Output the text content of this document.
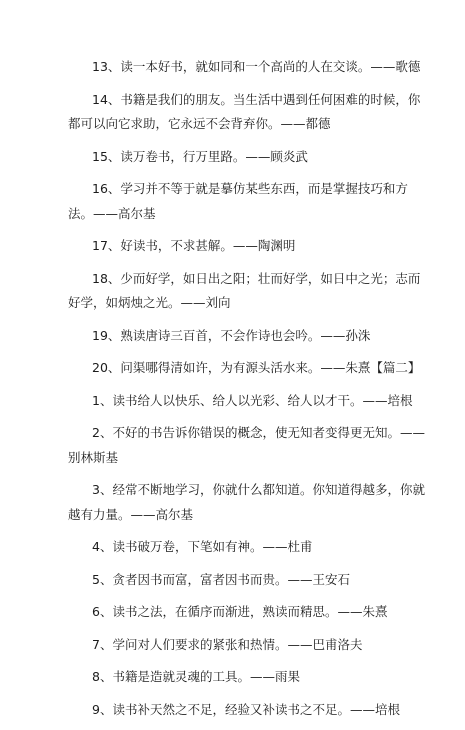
13、读一本好书，就如同和一个高尚的人在交谈。——歌德

14、书籍是我们的朋友。当生活中遇到任何困难的时候，你都可以向它求助，它永远不会背弃你。——都德

15、读万卷书，行万里路。——顾炎武

16、学习并不等于就是摹仿某些东西，而是掌握技巧和方法。——高尔基

17、好读书，不求甚解。——陶渊明

18、少而好学，如日出之阳；壮而好学，如日中之光；志而好学，如炳烛之光。——刘向

19、熟读唐诗三百首，不会作诗也会吟。——孙洙

20、问渠哪得清如许，为有源头活水来。——朱熹【篇二】

1、读书给人以快乐、给人以光彩、给人以才干。——培根

2、不好的书告诉你错误的概念，使无知者变得更无知。——别林斯基

3、经常不断地学习，你就什么都知道。你知道得越多，你就越有力量。——高尔基

4、读书破万卷，下笔如有神。——杜甫

5、贪者因书而富，富者因书而贵。——王安石

6、读书之法，在循序而渐进，熟读而精思。——朱熹

7、学问对人们要求的紧张和热情。——巴甫洛夫

8、书籍是造就灵魂的工具。——雨果

9、读书补天然之不足，经验又补读书之不足。——培根
